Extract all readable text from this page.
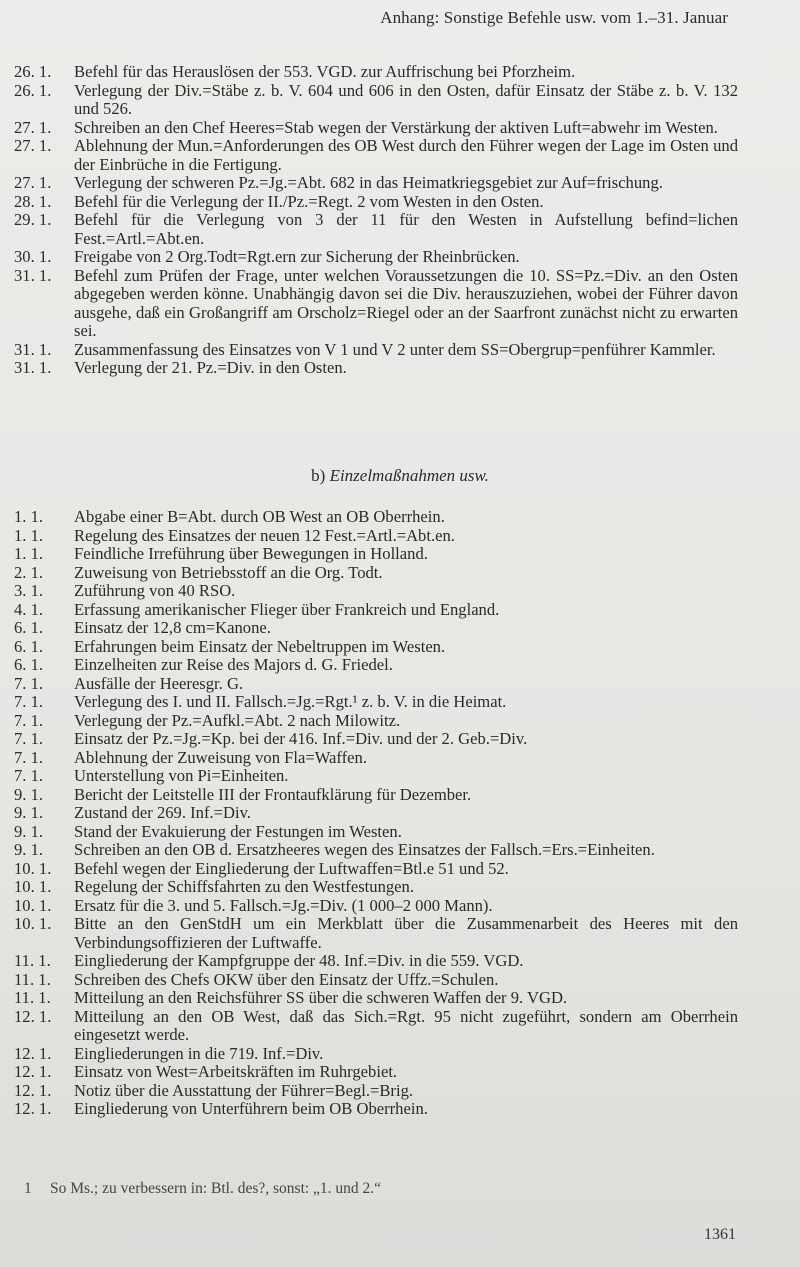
Anhang: Sonstige Befehle usw. vom 1.–31. Januar
26. 1.	Befehl für das Herauslösen der 553. VGD. zur Auffrischung bei Pforzheim.
26. 1.	Verlegung der Div.=Stäbe z. b. V. 604 und 606 in den Osten, dafür Einsatz der Stäbe z. b. V. 132 und 526.
27. 1.	Schreiben an den Chef Heeres=Stab wegen der Verstärkung der aktiven Luft=abwehr im Westen.
27. 1.	Ablehnung der Mun.=Anforderungen des OB West durch den Führer wegen der Lage im Osten und der Einbrüche in die Fertigung.
27. 1.	Verlegung der schweren Pz.=Jg.=Abt. 682 in das Heimatkriegsgebiet zur Auf=frischung.
28. 1.	Befehl für die Verlegung der II./Pz.=Regt. 2 vom Westen in den Osten.
29. 1.	Befehl für die Verlegung von 3 der 11 für den Westen in Aufstellung befind=lichen Fest.=Artl.=Abt.en.
30. 1.	Freigabe von 2 Org.Todt=Rgt.ern zur Sicherung der Rheinbrücken.
31. 1.	Befehl zum Prüfen der Frage, unter welchen Voraussetzungen die 10. SS=Pz.=Div. an den Osten abgegeben werden könne. Unabhängig davon sei die Div. herauszuziehen, wobei der Führer davon ausgehe, daß ein Großangriff am Orscholz=Riegel oder an der Saarfront zunächst nicht zu erwarten sei.
31. 1.	Zusammenfassung des Einsatzes von V 1 und V 2 unter dem SS=Obergrup=penführer Kammler.
31. 1.	Verlegung der 21. Pz.=Div. in den Osten.
b) Einzelmaßnahmen usw.
1. 1.	Abgabe einer B=Abt. durch OB West an OB Oberrhein.
1. 1.	Regelung des Einsatzes der neuen 12 Fest.=Artl.=Abt.en.
1. 1.	Feindliche Irreführung über Bewegungen in Holland.
2. 1.	Zuweisung von Betriebsstoff an die Org. Todt.
3. 1.	Zuführung von 40 RSO.
4. 1.	Erfassung amerikanischer Flieger über Frankreich und England.
6. 1.	Einsatz der 12,8 cm=Kanone.
6. 1.	Erfahrungen beim Einsatz der Nebeltruppen im Westen.
6. 1.	Einzelheiten zur Reise des Majors d. G. Friedel.
7. 1.	Ausfälle der Heeresgr. G.
7. 1.	Verlegung des I. und II. Fallsch.=Jg.=Rgt.¹ z. b. V. in die Heimat.
7. 1.	Verlegung der Pz.=Aufkl.=Abt. 2 nach Milowitz.
7. 1.	Einsatz der Pz.=Jg.=Kp. bei der 416. Inf.=Div. und der 2. Geb.=Div.
7. 1.	Ablehnung der Zuweisung von Fla=Waffen.
7. 1.	Unterstellung von Pi=Einheiten.
9. 1.	Bericht der Leitstelle III der Frontaufklärung für Dezember.
9. 1.	Zustand der 269. Inf.=Div.
9. 1.	Stand der Evakuierung der Festungen im Westen.
9. 1.	Schreiben an den OB d. Ersatzheeres wegen des Einsatzes der Fallsch.=Ers.=Einheiten.
10. 1.	Befehl wegen der Eingliederung der Luftwaffen=Btl.e 51 und 52.
10. 1.	Regelung der Schiffsfahrten zu den Westfestungen.
10. 1.	Ersatz für die 3. und 5. Fallsch.=Jg.=Div. (1 000–2 000 Mann).
10. 1.	Bitte an den GenStdH um ein Merkblatt über die Zusammenarbeit des Heeres mit den Verbindungsoffizieren der Luftwaffe.
11. 1.	Eingliederung der Kampfgruppe der 48. Inf.=Div. in die 559. VGD.
11. 1.	Schreiben des Chefs OKW über den Einsatz der Uffz.=Schulen.
11. 1.	Mitteilung an den Reichsführer SS über die schweren Waffen der 9. VGD.
12. 1.	Mitteilung an den OB West, daß das Sich.=Rgt. 95 nicht zugeführt, sondern am Oberrhein eingesetzt werde.
12. 1.	Eingliederungen in die 719. Inf.=Div.
12. 1.	Einsatz von West=Arbeitskräften im Ruhrgebiet.
12. 1.	Notiz über die Ausstattung der Führer=Begl.=Brig.
12. 1.	Eingliederung von Unterführern beim OB Oberrhein.
1 So Ms.; zu verbessern in: Btl. des?, sonst: „1. und 2.“
1361
